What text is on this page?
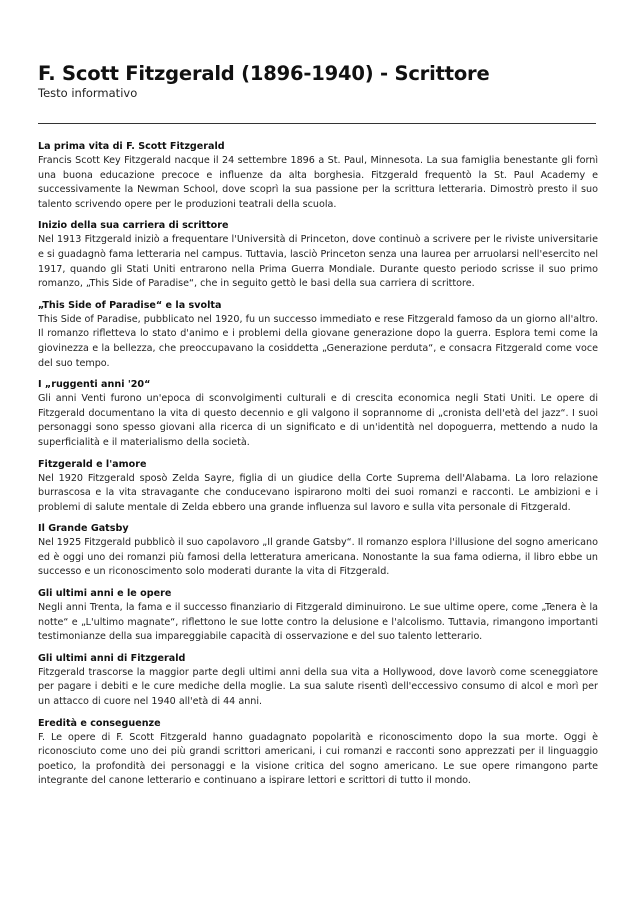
F. Scott Fitzgerald (1896-1940) - Scrittore

Testo informativo

La prima vita di F. Scott Fitzgerald

Francis Scott Key Fitzgerald nacque il 24 settembre 1896 a St. Paul, Minnesota. La sua famiglia benestante gli fornì una buona educazione precoce e influenze da alta borghesia. Fitzgerald frequentò la St. Paul Academy e successivamente la Newman School, dove scoprì la sua passione per la scrittura letteraria. Dimostrò presto il suo talento scrivendo opere per le produzioni teatrali della scuola.

Inizio della sua carriera di scrittore

Nel 1913 Fitzgerald iniziò a frequentare l'Università di Princeton, dove continuò a scrivere per le riviste universitarie e si guadagnò fama letteraria nel campus. Tuttavia, lasciò Princeton senza una laurea per arruolarsi nell'esercito nel 1917, quando gli Stati Uniti entrarono nella Prima Guerra Mondiale. Durante questo periodo scrisse il suo primo romanzo, „This Side of Paradise“, che in seguito gettò le basi della sua carriera di scrittore.

„This Side of Paradise“ e la svolta

This Side of Paradise, pubblicato nel 1920, fu un successo immediato e rese Fitzgerald famoso da un giorno all'altro. Il romanzo rifletteva lo stato d'animo e i problemi della giovane generazione dopo la guerra. Esplora temi come la giovinezza e la bellezza, che preoccupavano la cosiddetta „Generazione perduta“, e consacra Fitzgerald come voce del suo tempo.

I „ruggenti anni '20“

Gli anni Venti furono un'epoca di sconvolgimenti culturali e di crescita economica negli Stati Uniti. Le opere di Fitzgerald documentano la vita di questo decennio e gli valgono il soprannome di „cronista dell'età del jazz“. I suoi personaggi sono spesso giovani alla ricerca di un significato e di un'identità nel dopoguerra, mettendo a nudo la superficialità e il materialismo della società.

Fitzgerald e l'amore

Nel 1920 Fitzgerald sposò Zelda Sayre, figlia di un giudice della Corte Suprema dell'Alabama. La loro relazione burrascosa e la vita stravagante che conducevano ispirarono molti dei suoi romanzi e racconti. Le ambizioni e i problemi di salute mentale di Zelda ebbero una grande influenza sul lavoro e sulla vita personale di Fitzgerald.

Il Grande Gatsby

Nel 1925 Fitzgerald pubblicò il suo capolavoro „Il grande Gatsby“. Il romanzo esplora l'illusione del sogno americano ed è oggi uno dei romanzi più famosi della letteratura americana. Nonostante la sua fama odierna, il libro ebbe un successo e un riconoscimento solo moderati durante la vita di Fitzgerald.

Gli ultimi anni e le opere

Negli anni Trenta, la fama e il successo finanziario di Fitzgerald diminuirono. Le sue ultime opere, come „Tenera è la notte“ e „L'ultimo magnate“, riflettono le sue lotte contro la delusione e l'alcolismo. Tuttavia, rimangono importanti testimonianze della sua impareggiabile capacità di osservazione e del suo talento letterario.

Gli ultimi anni di Fitzgerald

Fitzgerald trascorse la maggior parte degli ultimi anni della sua vita a Hollywood, dove lavorò come sceneggiatore per pagare i debiti e le cure mediche della moglie. La sua salute risentì dell'eccessivo consumo di alcol e morì per un attacco di cuore nel 1940 all'età di 44 anni.

Eredità e conseguenze

F. Le opere di F. Scott Fitzgerald hanno guadagnato popolarità e riconoscimento dopo la sua morte. Oggi è riconosciuto come uno dei più grandi scrittori americani, i cui romanzi e racconti sono apprezzati per il linguaggio poetico, la profondità dei personaggi e la visione critica del sogno americano. Le sue opere rimangono parte integrante del canone letterario e continuano a ispirare lettori e scrittori di tutto il mondo.
